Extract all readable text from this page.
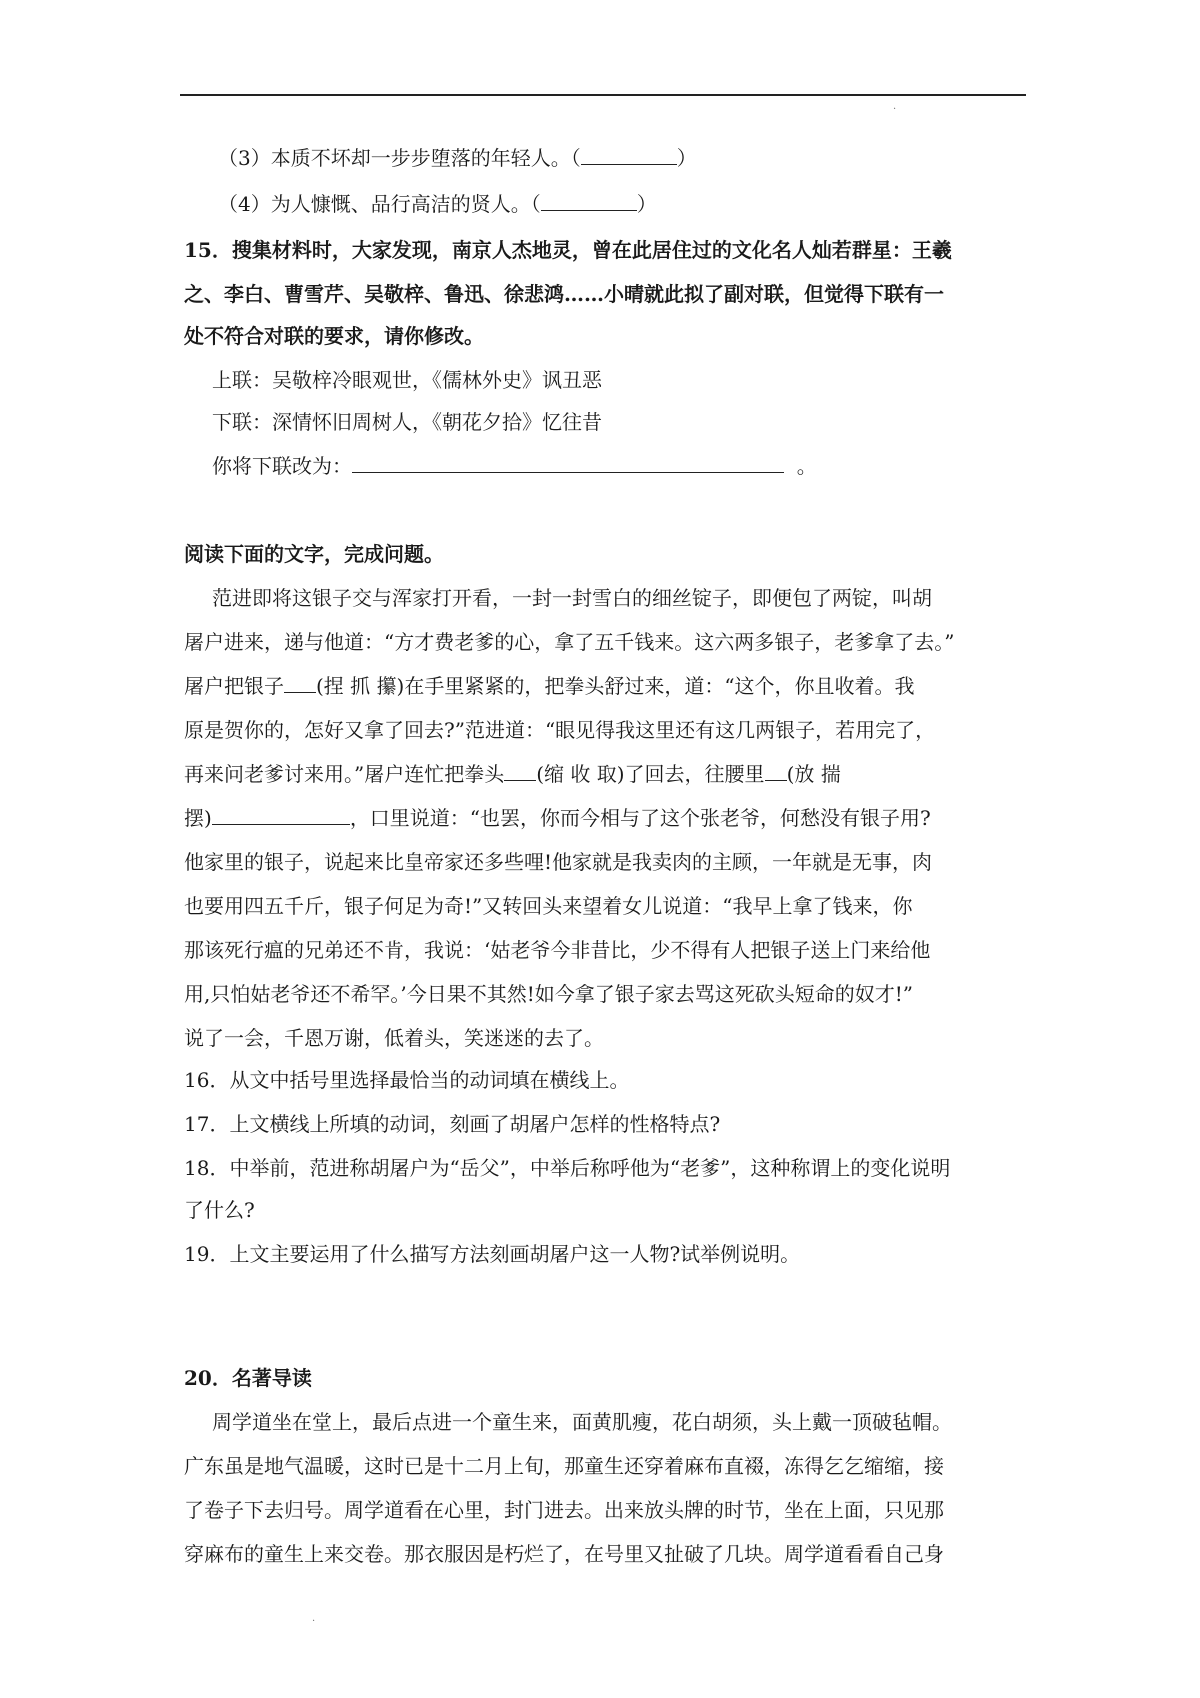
·
（3）本质不坏却一步步堕落的年轻人。（	）
（4）为人慷慨、品行高洁的贤人。（	）
15．搜集材料时，大家发现，南京人杰地灵，曾在此居住过的文化名人灿若群星：王羲
之、李白、曹雪芹、吴敬梓、鲁迅、徐悲鸿……小晴就此拟了副对联，但觉得下联有一
处不符合对联的要求，请你修改。
上联：吴敬梓冷眼观世，《儒林外史》讽丑恶
下联：深情怀旧周树人，《朝花夕拾》忆往昔
你将下联改为：	。
阅读下面的文字，完成问题。
范进即将这银子交与浑家打开看，一封一封雪白的细丝锭子，即便包了两锭，叫胡
屠户进来，递与他道：“方才费老爹的心，拿了五千钱来。这六两多银子，老爹拿了去。”
屠户把银子 (捏 抓 攥)在手里紧紧的，把拳头舒过来，道：“这个，你且收着。我
原是贺你的，怎好又拿了回去?”范进道：“眼见得我这里还有这几两银子，若用完了，
再来问老爹讨来用。”屠户连忙把拳头 (缩 收 取)了回去，往腰里 (放 揣
摆)	，口里说道：“也罢，你而今相与了这个张老爷，何愁没有银子用?
他家里的银子，说起来比皇帝家还多些哩!他家就是我卖肉的主顾，一年就是无事，肉
也要用四五千斤，银子何足为奇!”又转回头来望着女儿说道：“我早上拿了钱来，你
那该死行瘟的兄弟还不肯，我说：‘姑老爷今非昔比，少不得有人把银子送上门来给他
用,只怕姑老爷还不希罕。’今日果不其然!如今拿了银子家去骂这死砍头短命的奴才!”
说了一会，千恩万谢，低着头，笑迷迷的去了。
16．从文中括号里选择最恰当的动词填在横线上。
17．上文横线上所填的动词，刻画了胡屠户怎样的性格特点?
18．中举前，范进称胡屠户为“岳父”，中举后称呼他为“老爹”，这种称谓上的变化说明
了什么?
19．上文主要运用了什么描写方法刻画胡屠户这一人物?试举例说明。
20．名著导读
周学道坐在堂上，最后点进一个童生来，面黄肌瘦，花白胡须，头上戴一顶破毡帽。
广东虽是地气温暖，这时已是十二月上旬，那童生还穿着麻布直裰，冻得乞乞缩缩，接
了卷子下去归号。周学道看在心里，封门进去。出来放头牌的时节，坐在上面，只见那
穿麻布的童生上来交卷。那衣服因是朽烂了，在号里又扯破了几块。周学道看看自己身
·
